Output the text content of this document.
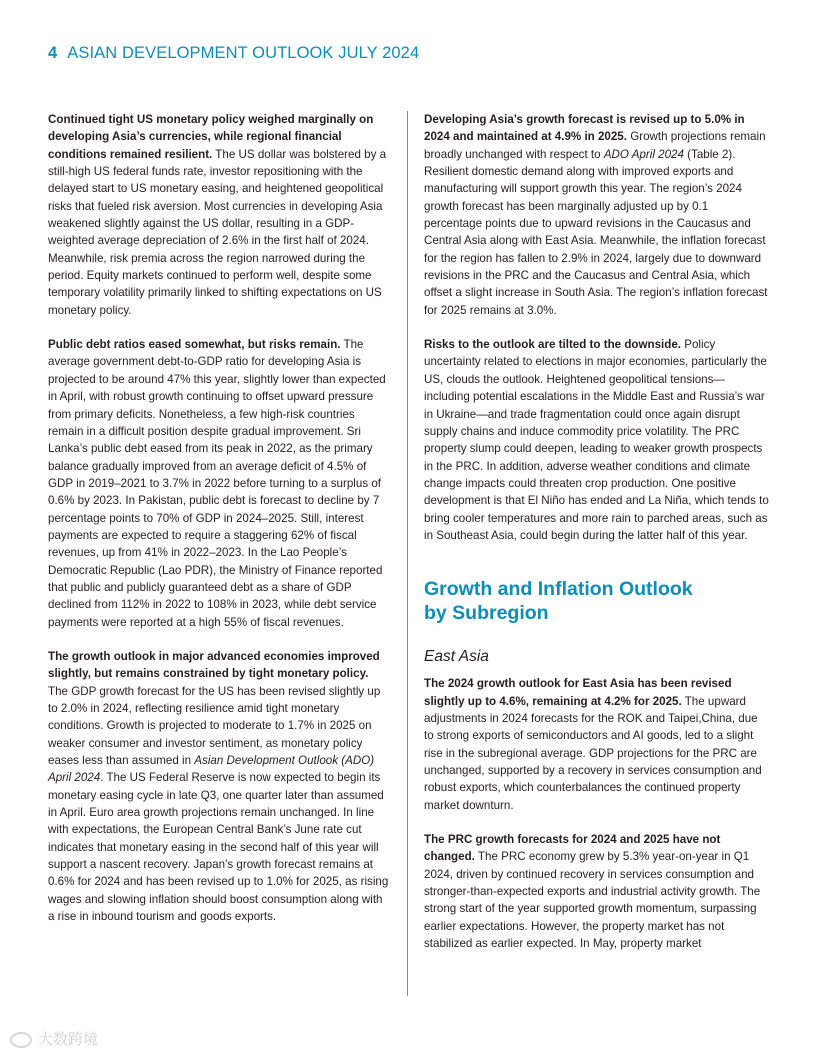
4 ASIAN DEVELOPMENT OUTLOOK JULY 2024

Continued tight US monetary policy weighed marginally on developing Asia’s currencies, while regional financial conditions remained resilient. The US dollar was bolstered by a still-high US federal funds rate, investor repositioning with the delayed start to US monetary easing, and heightened geopolitical risks that fueled risk aversion. Most currencies in developing Asia weakened slightly against the US dollar, resulting in a GDP-weighted average depreciation of 2.6% in the first half of 2024. Meanwhile, risk premia across the region narrowed during the period. Equity markets continued to perform well, despite some temporary volatility primarily linked to shifting expectations on US monetary policy.

Public debt ratios eased somewhat, but risks remain. The average government debt-to-GDP ratio for developing Asia is projected to be around 47% this year, slightly lower than expected in April, with robust growth continuing to offset upward pressure from primary deficits. Nonetheless, a few high-risk countries remain in a difficult position despite gradual improvement. Sri Lanka’s public debt eased from its peak in 2022, as the primary balance gradually improved from an average deficit of 4.5% of GDP in 2019–2021 to 3.7% in 2022 before turning to a surplus of 0.6% by 2023. In Pakistan, public debt is forecast to decline by 7 percentage points to 70% of GDP in 2024–2025. Still, interest payments are expected to require a staggering 62% of fiscal revenues, up from 41% in 2022–2023. In the Lao People’s Democratic Republic (Lao PDR), the Ministry of Finance reported that public and publicly guaranteed debt as a share of GDP declined from 112% in 2022 to 108% in 2023, while debt service payments were reported at a high 55% of fiscal revenues.

The growth outlook in major advanced economies improved slightly, but remains constrained by tight monetary policy. The GDP growth forecast for the US has been revised slightly up to 2.0% in 2024, reflecting resilience amid tight monetary conditions. Growth is projected to moderate to 1.7% in 2025 on weaker consumer and investor sentiment, as monetary policy eases less than assumed in Asian Development Outlook (ADO) April 2024. The US Federal Reserve is now expected to begin its monetary easing cycle in late Q3, one quarter later than assumed in April. Euro area growth projections remain unchanged. In line with expectations, the European Central Bank’s June rate cut indicates that monetary easing in the second half of this year will support a nascent recovery. Japan’s growth forecast remains at 0.6% for 2024 and has been revised up to 1.0% for 2025, as rising wages and slowing inflation should boost consumption along with a rise in inbound tourism and goods exports.

Developing Asia’s growth forecast is revised up to 5.0% in 2024 and maintained at 4.9% in 2025. Growth projections remain broadly unchanged with respect to ADO April 2024 (Table 2). Resilient domestic demand along with improved exports and manufacturing will support growth this year. The region’s 2024 growth forecast has been marginally adjusted up by 0.1 percentage points due to upward revisions in the Caucasus and Central Asia along with East Asia. Meanwhile, the inflation forecast for the region has fallen to 2.9% in 2024, largely due to downward revisions in the PRC and the Caucasus and Central Asia, which offset a slight increase in South Asia. The region’s inflation forecast for 2025 remains at 3.0%.

Risks to the outlook are tilted to the downside. Policy uncertainty related to elections in major economies, particularly the US, clouds the outlook. Heightened geopolitical tensions—including potential escalations in the Middle East and Russia’s war in Ukraine—and trade fragmentation could once again disrupt supply chains and induce commodity price volatility. The PRC property slump could deepen, leading to weaker growth prospects in the PRC. In addition, adverse weather conditions and climate change impacts could threaten crop production. One positive development is that El Niño has ended and La Niña, which tends to bring cooler temperatures and more rain to parched areas, such as in Southeast Asia, could begin during the latter half of this year.

Growth and Inflation Outlook
by Subregion
East Asia

The 2024 growth outlook for East Asia has been revised slightly up to 4.6%, remaining at 4.2% for 2025. The upward adjustments in 2024 forecasts for the ROK and Taipei,China, due to strong exports of semiconductors and AI goods, led to a slight rise in the subregional average. GDP projections for the PRC are unchanged, supported by a recovery in services consumption and robust exports, which counterbalances the continued property market downturn.

The PRC growth forecasts for 2024 and 2025 have not changed. The PRC economy grew by 5.3% year-on-year in Q1 2024, driven by continued recovery in services consumption and stronger-than-expected exports and industrial activity growth. The strong start of the year supported growth momentum, surpassing earlier expectations. However, the property market has not stabilized as earlier expected. In May, property market

大数跨境
